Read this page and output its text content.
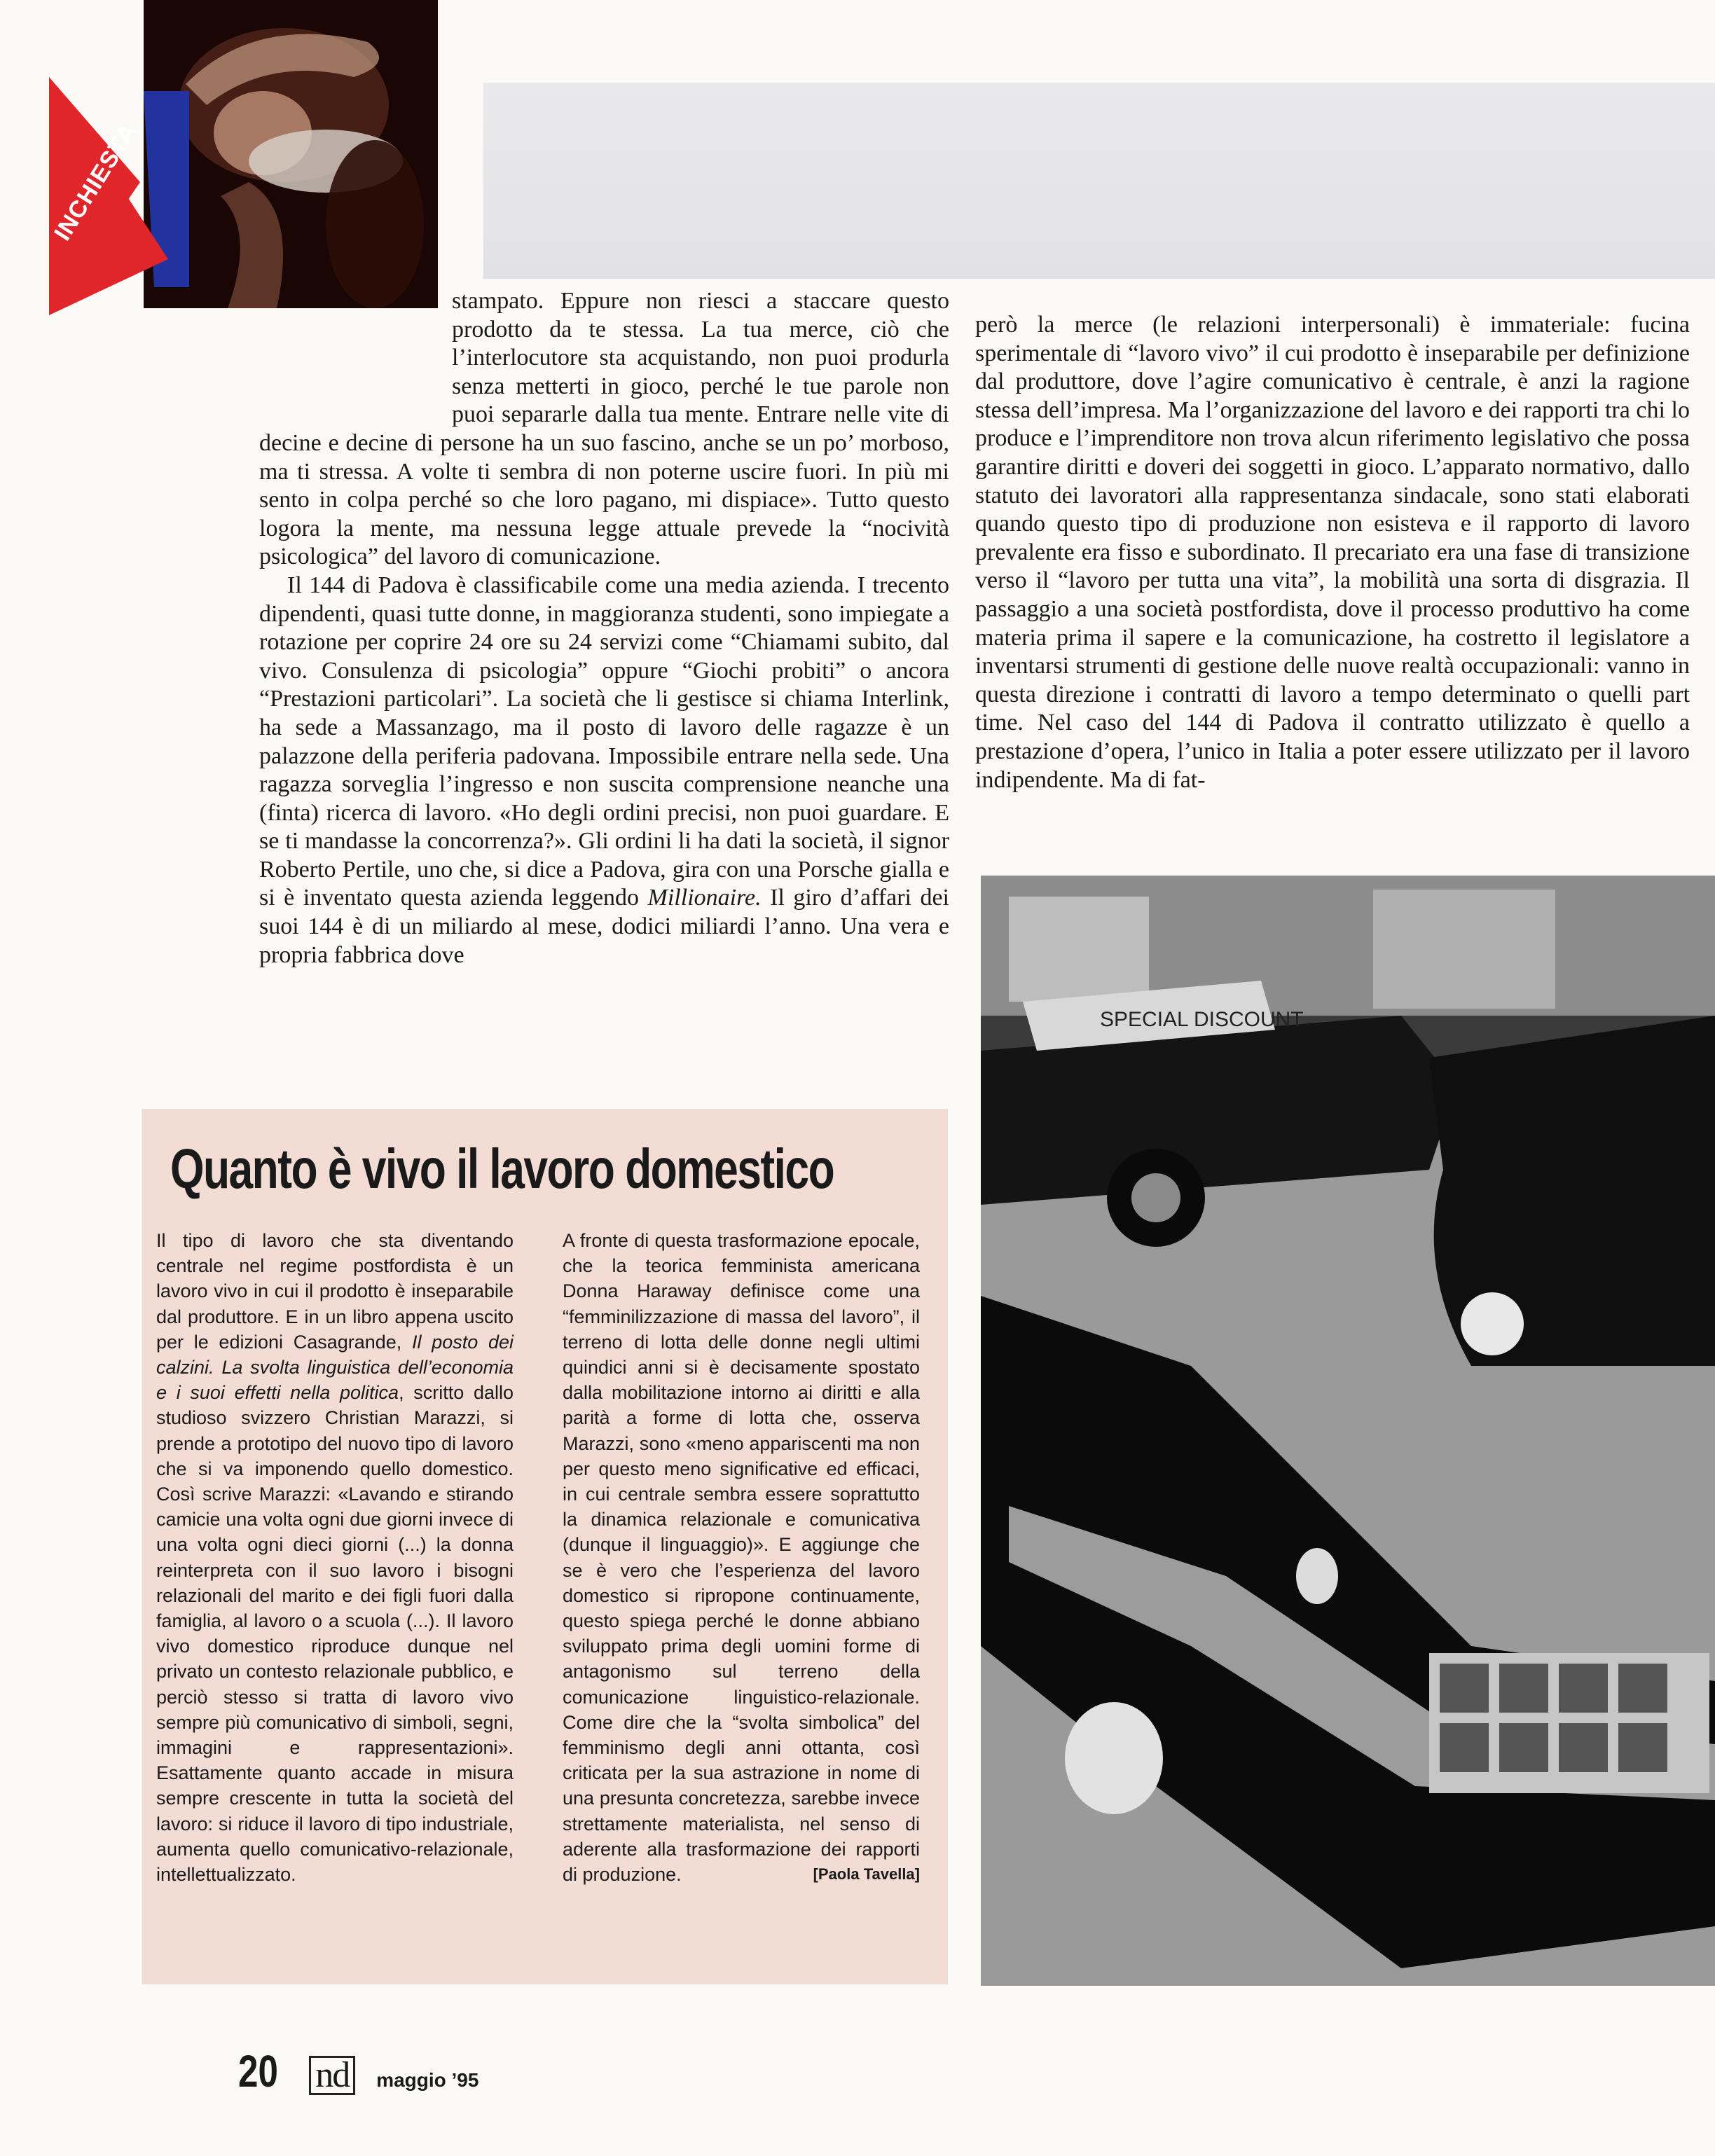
INCHIESTA

stampato. Eppure non riesci a staccare questo prodotto da te stessa. La tua merce, ciò che l’interlocutore sta acquistando, non puoi produrla senza metterti in gioco, perché le tue parole non puoi separarle dalla tua mente. Entrare nelle vite di decine e decine di persone ha un suo fascino, anche se un po’ morboso, ma ti stressa. A volte ti sembra di non poterne uscire fuori. In più mi sento in colpa perché so che loro pagano, mi dispiace». Tutto questo logora la mente, ma nessuna legge attuale prevede la “nocività psicologica” del lavoro di comunicazione.

Il 144 di Padova è classificabile come una media azienda. I trecento dipendenti, quasi tutte donne, in maggioranza studenti, sono impiegate a rotazione per coprire 24 ore su 24 servizi come “Chiamami subito, dal vivo. Consulenza di psicologia” oppure “Giochi probiti” o ancora “Prestazioni particolari”. La società che li gestisce si chiama Interlink, ha sede a Massanzago, ma il posto di lavoro delle ragazze è un palazzone della periferia padovana. Impossibile entrare nella sede. Una ragazza sorveglia l’ingresso e non suscita comprensione neanche una (finta) ricerca di lavoro. «Ho degli ordini precisi, non puoi guardare. E se ti mandasse la concorrenza?». Gli ordini li ha dati la società, il signor Roberto Pertile, uno che, si dice a Padova, gira con una Porsche gialla e si è inventato questa azienda leggendo Millionaire. Il giro d’affari dei suoi 144 è di un miliardo al mese, dodici miliardi l’anno. Una vera e propria fabbrica dove

però la merce (le relazioni interpersonali) è immateriale: fucina sperimentale di “lavoro vivo” il cui prodotto è inseparabile per definizione dal produttore, dove l’agire comunicativo è centrale, è anzi la ragione stessa dell’impresa. Ma l’organizzazione del lavoro e dei rapporti tra chi lo produce e l’imprenditore non trova alcun riferimento legislativo che possa garantire diritti e doveri dei soggetti in gioco. L’apparato normativo, dallo statuto dei lavoratori alla rappresentanza sindacale, sono stati elaborati quando questo tipo di produzione non esisteva e il rapporto di lavoro prevalente era fisso e subordinato. Il precariato era una fase di transizione verso il “lavoro per tutta una vita”, la mobilità una sorta di disgrazia. Il passaggio a una società postfordista, dove il processo produttivo ha come materia prima il sapere e la comunicazione, ha costretto il legislatore a inventarsi strumenti di gestione delle nuove realtà occupazionali: vanno in questa direzione i contratti di lavoro a tempo determinato o quelli part time. Nel caso del 144 di Padova il contratto utilizzato è quello a prestazione d’opera, l’unico in Italia a poter essere utilizzato per il lavoro indipendente. Ma di fat-

SPECIAL DISCOUNT
Quanto è vivo il lavoro domestico

Il tipo di lavoro che sta diventando centrale nel regime postfordista è un lavoro vivo in cui il prodotto è inseparabile dal produttore. E in un libro appena uscito per le edizioni Casagrande, Il posto dei calzini. La svolta linguistica dell’economia e i suoi effetti nella politica, scritto dallo studioso svizzero Christian Marazzi, si prende a prototipo del nuovo tipo di lavoro che si va imponendo quello domestico. Così scrive Marazzi: «Lavando e stirando camicie una volta ogni due giorni invece di una volta ogni dieci giorni (...) la donna reinterpreta con il suo lavoro i bisogni relazionali del marito e dei figli fuori dalla famiglia, al lavoro o a scuola (...). Il lavoro vivo domestico riproduce dunque nel privato un contesto relazionale pubblico, e perciò stesso si tratta di lavoro vivo sempre più comunicativo di simboli, segni, immagini e rappresentazioni». Esattamente quanto accade in misura sempre crescente in tutta la società del lavoro: si riduce il lavoro di tipo industriale, aumenta quello comunicativo-relazionale, intellettualizzato.

A fronte di questa trasformazione epocale, che la teorica femminista americana Donna Haraway definisce come una “femminilizzazione di massa del lavoro”, il terreno di lotta delle donne negli ultimi quindici anni si è decisamente spostato dalla mobilitazione intorno ai diritti e alla parità a forme di lotta che, osserva Marazzi, sono «meno appariscenti ma non per questo meno significative ed efficaci, in cui centrale sembra essere soprattutto la dinamica relazionale e comunicativa (dunque il linguaggio)». E aggiunge che se è vero che l’esperienza del lavoro domestico si ripropone continuamente, questo spiega perché le donne abbiano sviluppato prima degli uomini forme di antagonismo sul terreno della comunicazione linguistico-relazionale. Come dire che la “svolta simbolica” del femminismo degli anni ottanta, così criticata per la sua astrazione in nome di una presunta concretezza, sarebbe invece strettamente materialista, nel senso di aderente alla trasformazione dei rapporti di produzione.	[Paola Tavella]

20 nd	maggio ’95
